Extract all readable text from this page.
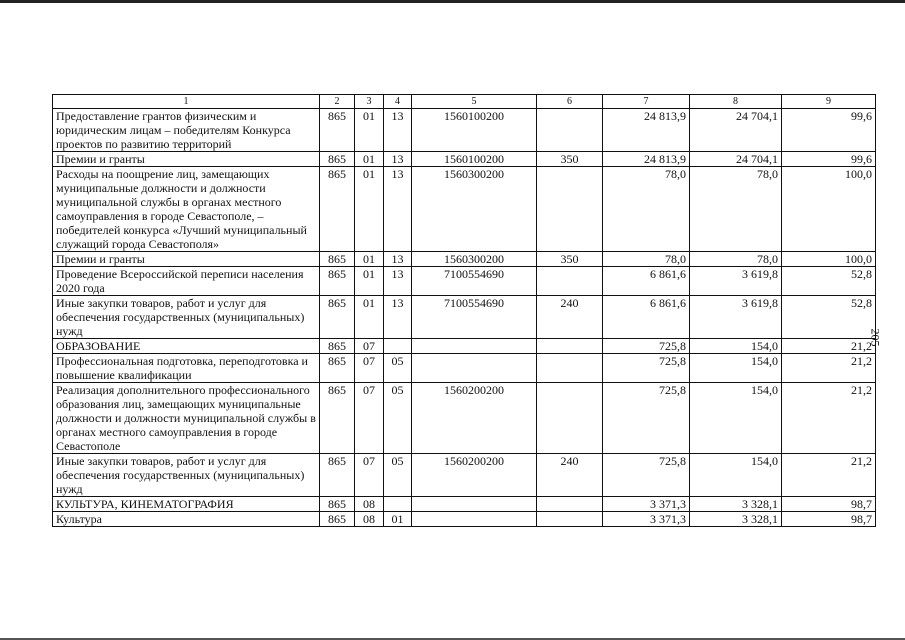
205
1	2	3	4	5	6	7	8	9
Предоставление грантов физическим и юридическим лицам – победителям Конкурса проектов по развитию территорий	865	01	13	1560100200		24 813,9	24 704,1	99,6
Премии и гранты	865	01	13	1560100200	350	24 813,9	24 704,1	99,6
Расходы на поощрение лиц, замещающих муниципальные должности и должности муниципальной службы в органах местного самоуправления в городе Севастополе, – победителей конкурса «Лучший муниципальный служащий города Севастополя»	865	01	13	1560300200		78,0	78,0	100,0
Премии и гранты	865	01	13	1560300200	350	78,0	78,0	100,0
Проведение Всероссийской переписи населения 2020 года	865	01	13	7100554690		6 861,6	3 619,8	52,8
Иные закупки товаров, работ и услуг для обеспечения государственных (муниципальных) нужд	865	01	13	7100554690	240	6 861,6	3 619,8	52,8
ОБРАЗОВАНИЕ	865	07				725,8	154,0	21,2
Профессиональная подготовка, переподготовка и повышение квалификации	865	07	05			725,8	154,0	21,2
Реализация дополнительного профессионального образования лиц, замещающих муниципальные должности и должности муниципальной службы в органах местного самоуправления в городе Севастополе	865	07	05	1560200200		725,8	154,0	21,2
Иные закупки товаров, работ и услуг для обеспечения государственных (муниципальных) нужд	865	07	05	1560200200	240	725,8	154,0	21,2
КУЛЬТУРА, КИНЕМАТОГРАФИЯ	865	08				3 371,3	3 328,1	98,7
Культура	865	08	01			3 371,3	3 328,1	98,7
